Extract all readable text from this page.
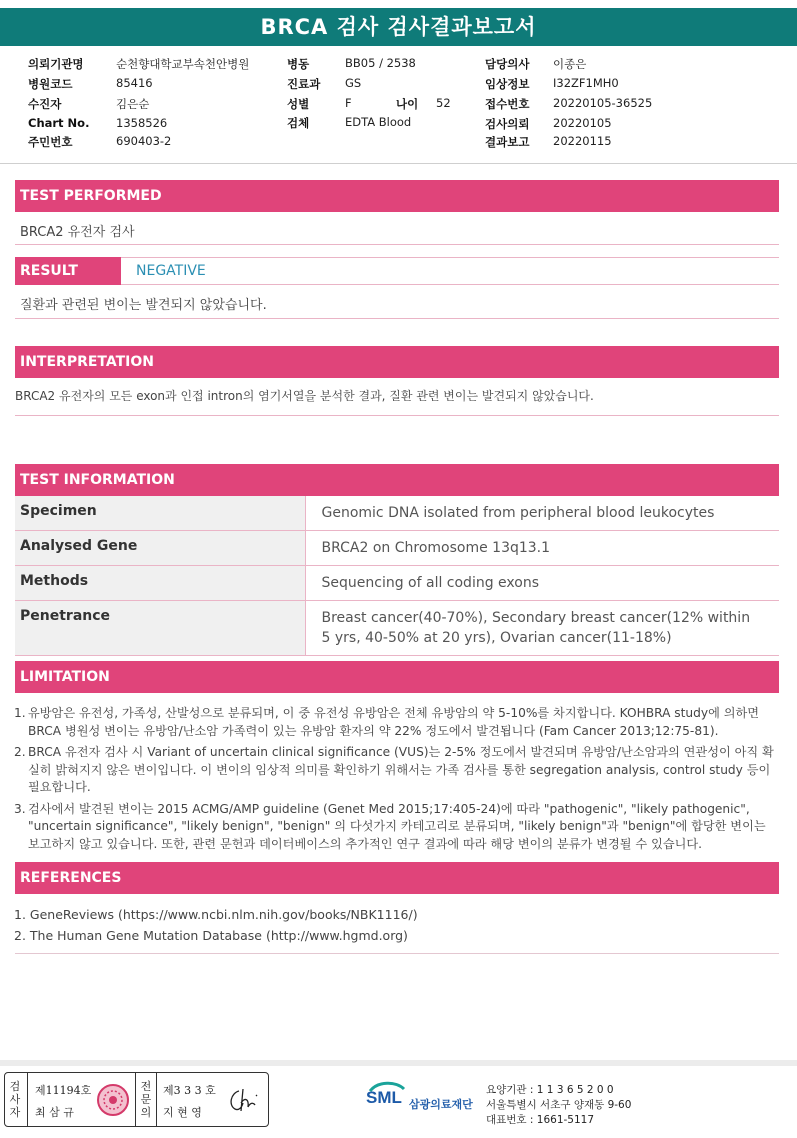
BRCA 검사 검사결과보고서
의뢰기관명	순천향대학교부속천안병원
병원코드	85416
수진자	김은순
Chart No. 1358526
주민번호	690403-2
병동	BB05 / 2538
진료과 GS
성별	F	나이 52
검체	EDTA Blood
담당의사 이종은
임상정보 I32ZF1MH0
접수번호 20220105-36525
검사의뢰 20220105
결과보고 20220115
TEST PERFORMED
BRCA2 유전자 검사
RESULT	NEGATIVE
질환과 관련된 변이는 발견되지 않았습니다.
INTERPRETATION
BRCA2 유전자의 모든 exon과 인접 intron의 염기서열을 분석한 결과, 질환 관련 변이는 발견되지 않았습니다.
TEST INFORMATION
Specimen	Genomic DNA isolated from peripheral blood leukocytes
Analysed Gene	BRCA2 on Chromosome 13q13.1
Methods	Sequencing of all coding exons
Penetrance	Breast cancer(40-70%), Secondary breast cancer(12% within 5 yrs, 40-50% at 20 yrs), Ovarian cancer(11-18%)
LIMITATION
1. 유방암은 유전성, 가족성, 산발성으로 분류되며, 이 중 유전성 유방암은 전체 유방암의 약 5-10%를 차지합니다. KOHBRA study에 의하면 BRCA 병원성 변이는 유방암/난소암 가족력이 있는 유방암 환자의 약 22% 정도에서 발견됩니다 (Fam Cancer 2013;12:75-81).
2. BRCA 유전자 검사 시 Variant of uncertain clinical significance (VUS)는 2-5% 정도에서 발견되며 유방암/난소암과의 연관성이 아직 확실히 밝혀지지 않은 변이입니다. 이 변이의 임상적 의미를 확인하기 위해서는 가족 검사를 통한 segregation analysis, control study 등이 필요합니다.
3. 검사에서 발견된 변이는 2015 ACMG/AMP guideline (Genet Med 2015;17:405-24)에 따라 "pathogenic", "likely pathogenic", "uncertain significance", "likely benign", "benign" 의 다섯가지 카테고리로 분류되며, "likely benign"과 "benign"에 합당한 변이는 보고하지 않고 있습니다. 또한, 관련 문헌과 데이터베이스의 추가적인 연구 결과에 따라 해당 변이의 분류가 변경될 수 있습니다.
REFERENCES
1. GeneReviews (https://www.ncbi.nlm.nih.gov/books/NBK1116/)
2. The Human Gene Mutation Database (http://www.hgmd.org)
검사자
제11194호
최 삼 규
전문의
제3 3 3 호
지 현 영
SML 삼광의료재단
요양기관 : 1 1 3 6 5 2 0 0
서울특별시 서초구 양재동 9-60
대표번호 : 1661-5117
